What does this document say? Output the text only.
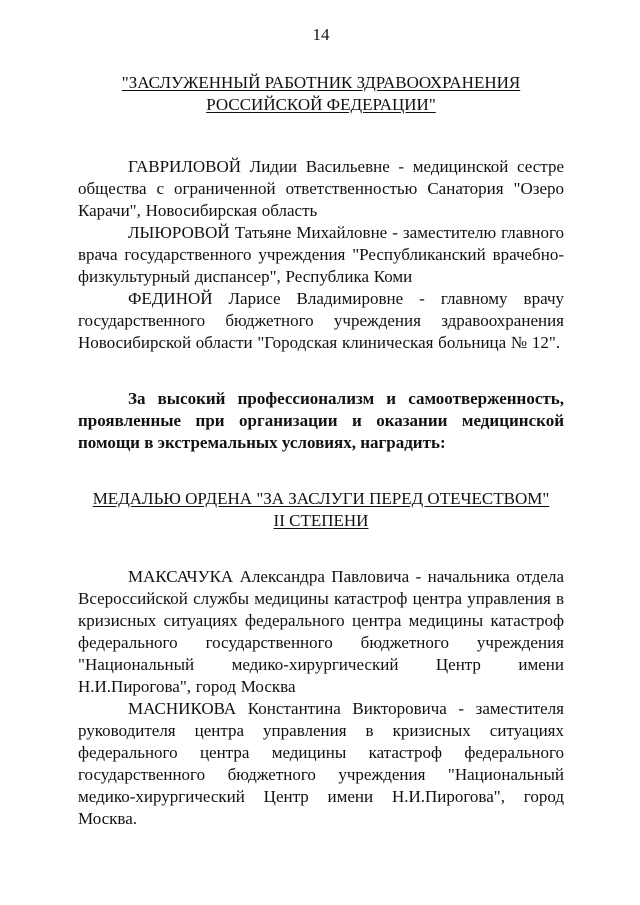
14
"ЗАСЛУЖЕННЫЙ РАБОТНИК ЗДРАВООХРАНЕНИЯ
РОССИЙСКОЙ ФЕДЕРАЦИИ"

ГАВРИЛОВОЙ Лидии Васильевне - медицинской сестре общества с ограниченной ответственностью Санатория "Озеро Карачи", Новосибирская область

ЛЫЮРОВОЙ Татьяне Михайловне - заместителю главного врача государственного учреждения "Республиканский врачебно-физкультурный диспансер", Республика Коми

ФЕДИНОЙ Ларисе Владимировне - главному врачу государственного бюджетного учреждения здравоохранения Новосибирской области "Городская клиническая больница № 12".

За высокий профессионализм и самоотверженность, проявленные при организации и оказании медицинской помощи в экстремальных условиях, наградить:

МЕДАЛЬЮ ОРДЕНА "ЗА ЗАСЛУГИ ПЕРЕД ОТЕЧЕСТВОМ"
II СТЕПЕНИ

МАКСАЧУКА Александра Павловича - начальника отдела Всероссийской службы медицины катастроф центра управления в кризисных ситуациях федерального центра медицины катастроф федерального государственного бюджетного учреждения "Национальный медико-хирургический Центр имени Н.И.Пирогова", город Москва

МАСНИКОВА Константина Викторовича - заместителя руководителя центра управления в кризисных ситуациях федерального центра медицины катастроф федерального государственного бюджетного учреждения "Национальный медико-хирургический Центр имени Н.И.Пирогова", город Москва.
